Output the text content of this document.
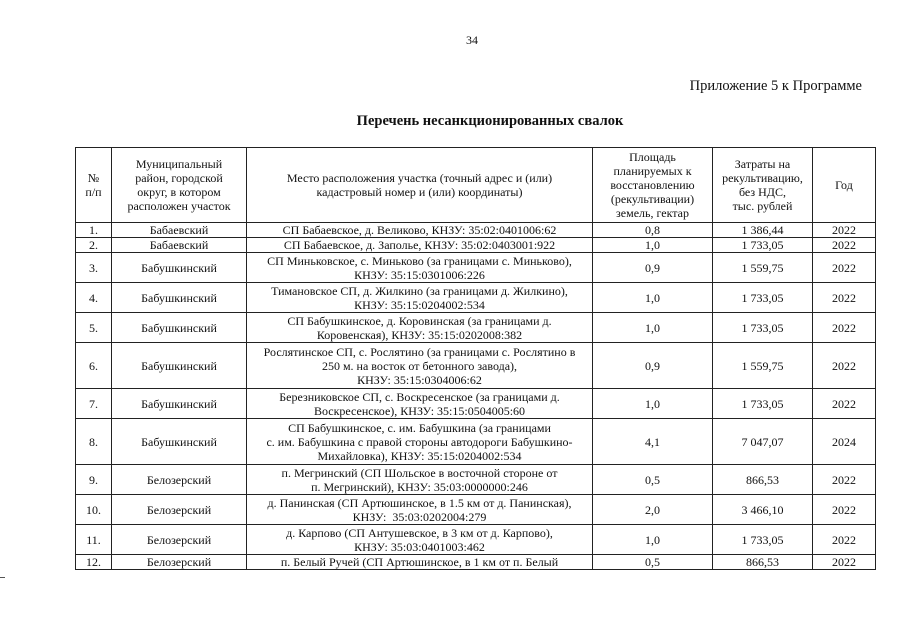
34
Приложение 5 к Программе
Перечень несанкционированных свалок
№
п/п	Муниципальный
район, городской
округ, в котором
расположен участок	Место расположения участка (точный адрес и (или)
кадастровый номер и (или) координаты)	Площадь
планируемых к
восстановлению
(рекультивации)
земель, гектар	Затраты на
рекультивацию,
без НДС,
тыс. рублей	Год

1.	Бабаевский	СП Бабаевское, д. Великово, КНЗУ: 35:02:0401006:62	0,8	1 386,44	2022
2.	Бабаевский	СП Бабаевское, д. Заполье, КНЗУ: 35:02:0403001:922	1,0	1 733,05	2022
3.	Бабушкинский	СП Миньковское, с. Миньково (за границами с. Миньково),
КНЗУ: 35:15:0301006:226	0,9	1 559,75	2022
4.	Бабушкинский	Тимановское СП, д. Жилкино (за границами д. Жилкино),
КНЗУ: 35:15:0204002:534	1,0	1 733,05	2022
5.	Бабушкинский	СП Бабушкинское, д. Коровинская (за границами д.
Коровенская), КНЗУ: 35:15:0202008:382	1,0	1 733,05	2022
6.	Бабушкинский	Рослятинское СП, с. Рослятино (за границами с. Рослятино в
250 м. на восток от бетонного завода),
КНЗУ: 35:15:0304006:62	0,9	1 559,75	2022
7.	Бабушкинский	Березниковское СП, с. Воскресенское (за границами д.
Воскресенское), КНЗУ: 35:15:0504005:60	1,0	1 733,05	2022
8.	Бабушкинский	СП Бабушкинское, с. им. Бабушкина (за границами
с. им. Бабушкина с правой стороны автодороги Бабушкино-
Михайловка), КНЗУ: 35:15:0204002:534	4,1	7 047,07	2024
9.	Белозерский	п. Мегринский (СП Шольское в восточной стороне от
п. Мегринский), КНЗУ: 35:03:0000000:246	0,5	866,53	2022
10.	Белозерский	д. Панинская (СП Артюшинское, в 1.5 км от д. Панинская),
КНЗУ:  35:03:0202004:279	2,0	3 466,10	2022
11.	Белозерский	д. Карпово (СП Антушевское, в 3 км от д. Карпово),
КНЗУ: 35:03:0401003:462	1,0	1 733,05	2022
12.	Белозерский	п. Белый Ручей (СП Артюшинское, в 1 км от п. Белый	0,5	866,53	2022
